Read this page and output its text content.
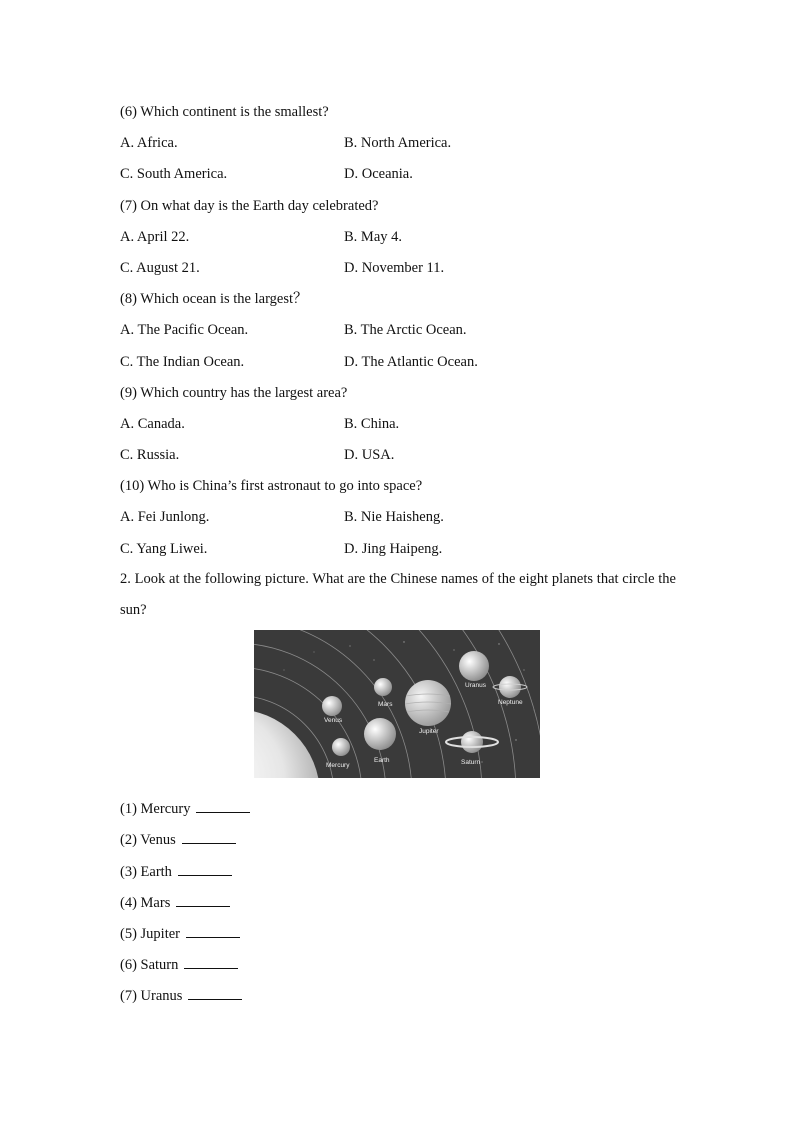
(6) Which continent is the smallest?
A. Africa.	B. North America.
C. South America.	D. Oceania.
(7) On what day is the Earth day celebrated?
A. April 22.	B. May 4.
C. August 21.	D. November 11.
(8) Which ocean is the largest？
A. The Pacific Ocean.	B. The Arctic Ocean.
C. The Indian Ocean.	D. The Atlantic Ocean.
(9) Which country has the largest area?
A. Canada.	B. China.
C. Russia.	D. USA.
(10) Who is China’s first astronaut to go into space?
A. Fei Junlong.	B. Nie Haisheng.
C. Yang Liwei.	D. Jing Haipeng.
2. Look at the following picture. What are the Chinese names of the eight planets that circle the sun?
Mercury
Venus
Earth
Mars
Jupiter
Saturn
Uranus
Neptune
(1) Mercury
(2) Venus
(3) Earth
(4) Mars
(5) Jupiter
(6) Saturn
(7) Uranus
